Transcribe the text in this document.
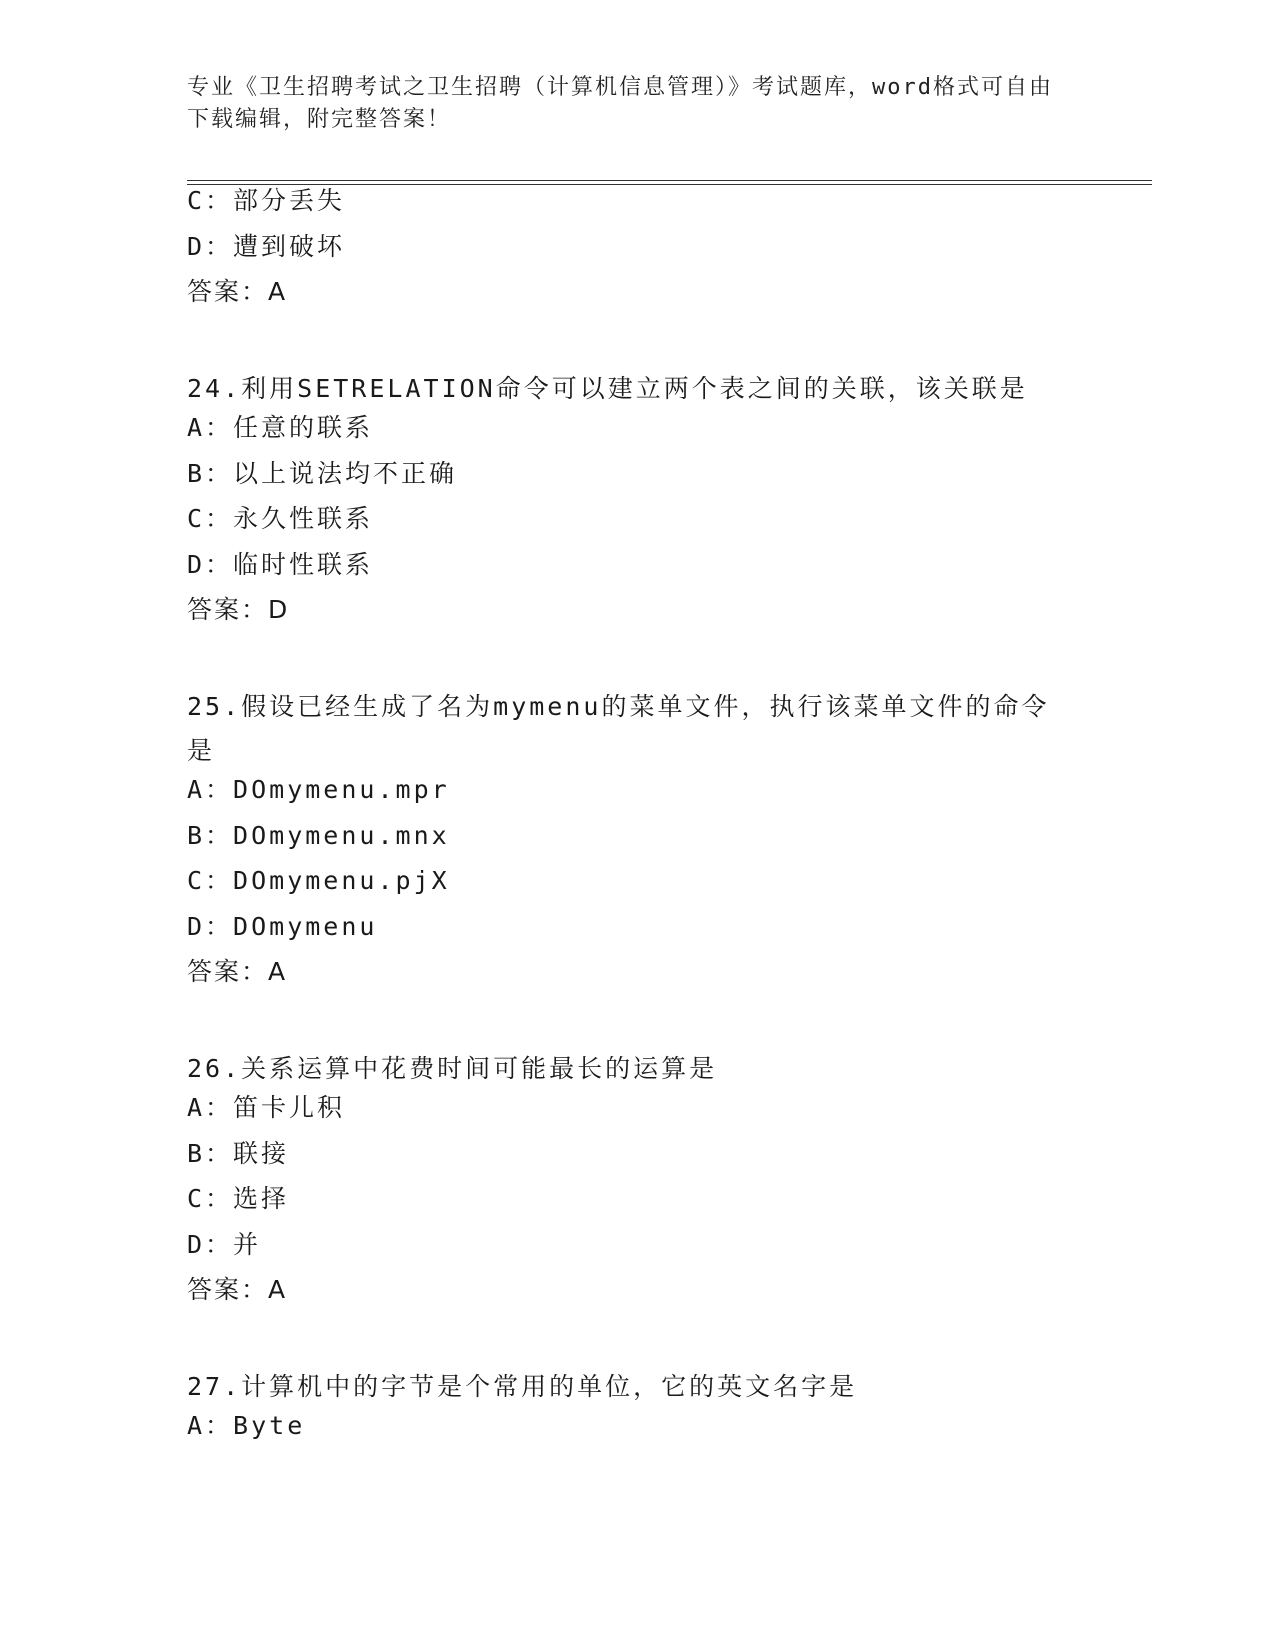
专业《卫生招聘考试之卫生招聘（计算机信息管理）》考试题库，word格式可自由下载编辑，附完整答案！
C：部分丢失
D：遭到破坏
答案：A
24.利用SETRELATION命令可以建立两个表之间的关联，该关联是
A：任意的联系
B：以上说法均不正确
C：永久性联系
D：临时性联系
答案：D
25.假设已经生成了名为mymenu的菜单文件，执行该菜单文件的命令是
A：DOmymenu.mpr
B：DOmymenu.mnx
C：DOmymenu.pjX
D：DOmymenu
答案：A
26.关系运算中花费时间可能最长的运算是
A：笛卡儿积
B：联接
C：选择
D：并
答案：A
27.计算机中的字节是个常用的单位，它的英文名字是
A：Byte
